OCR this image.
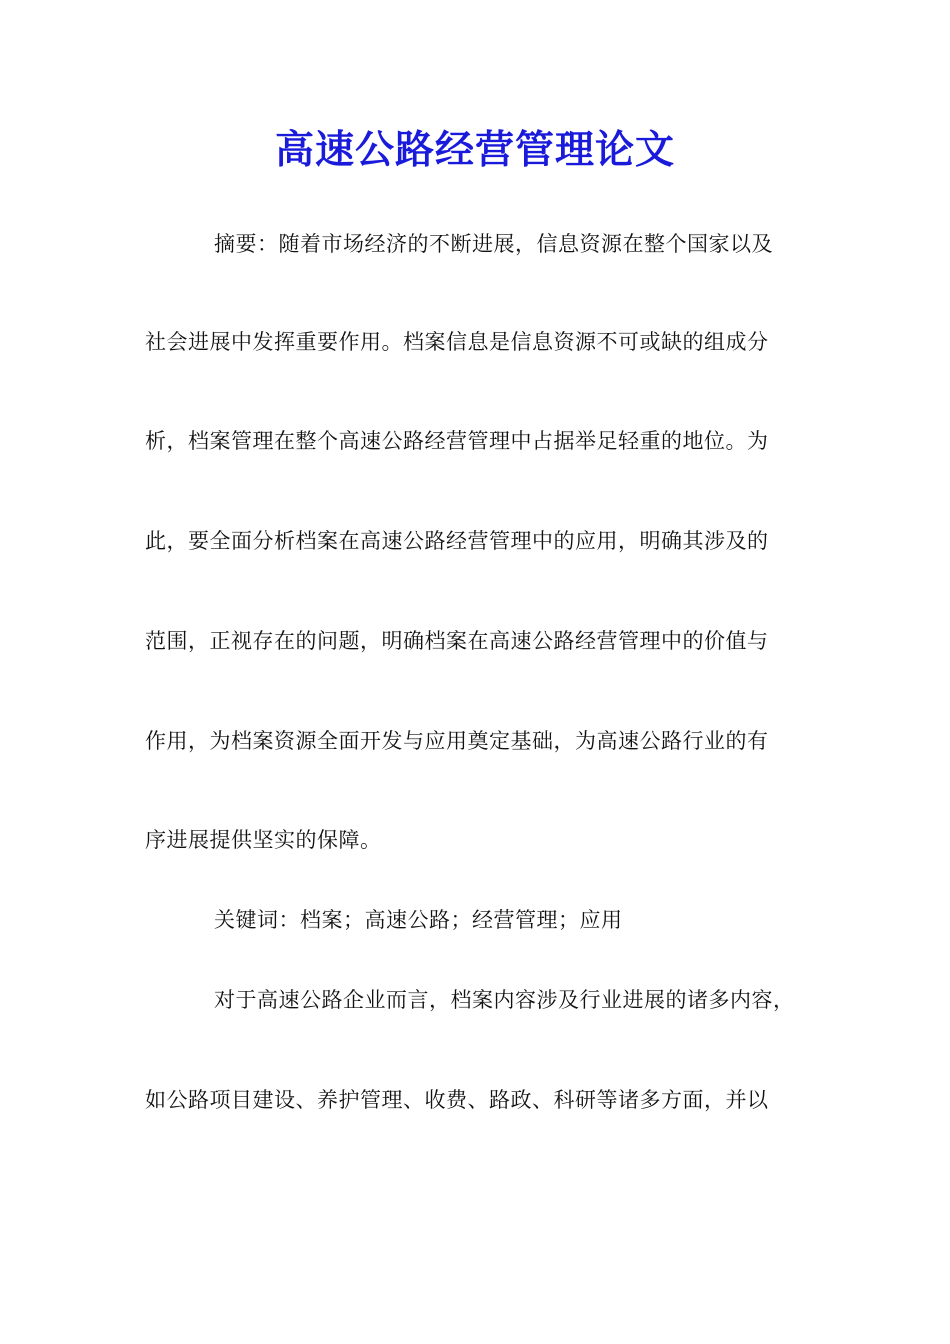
高速公路经营管理论文
摘要：随着市场经济的不断进展，信息资源在整个国家以及
社会进展中发挥重要作用。档案信息是信息资源不可或缺的组成分
析，档案管理在整个高速公路经营管理中占据举足轻重的地位。为
此，要全面分析档案在高速公路经营管理中的应用，明确其涉及的
范围，正视存在的问题，明确档案在高速公路经营管理中的价值与
作用，为档案资源全面开发与应用奠定基础，为高速公路行业的有
序进展提供坚实的保障。
关键词：档案；高速公路；经营管理；应用
对于高速公路企业而言，档案内容涉及行业进展的诸多内容，
如公路项目建设、养护管理、收费、路政、科研等诸多方面，并以
